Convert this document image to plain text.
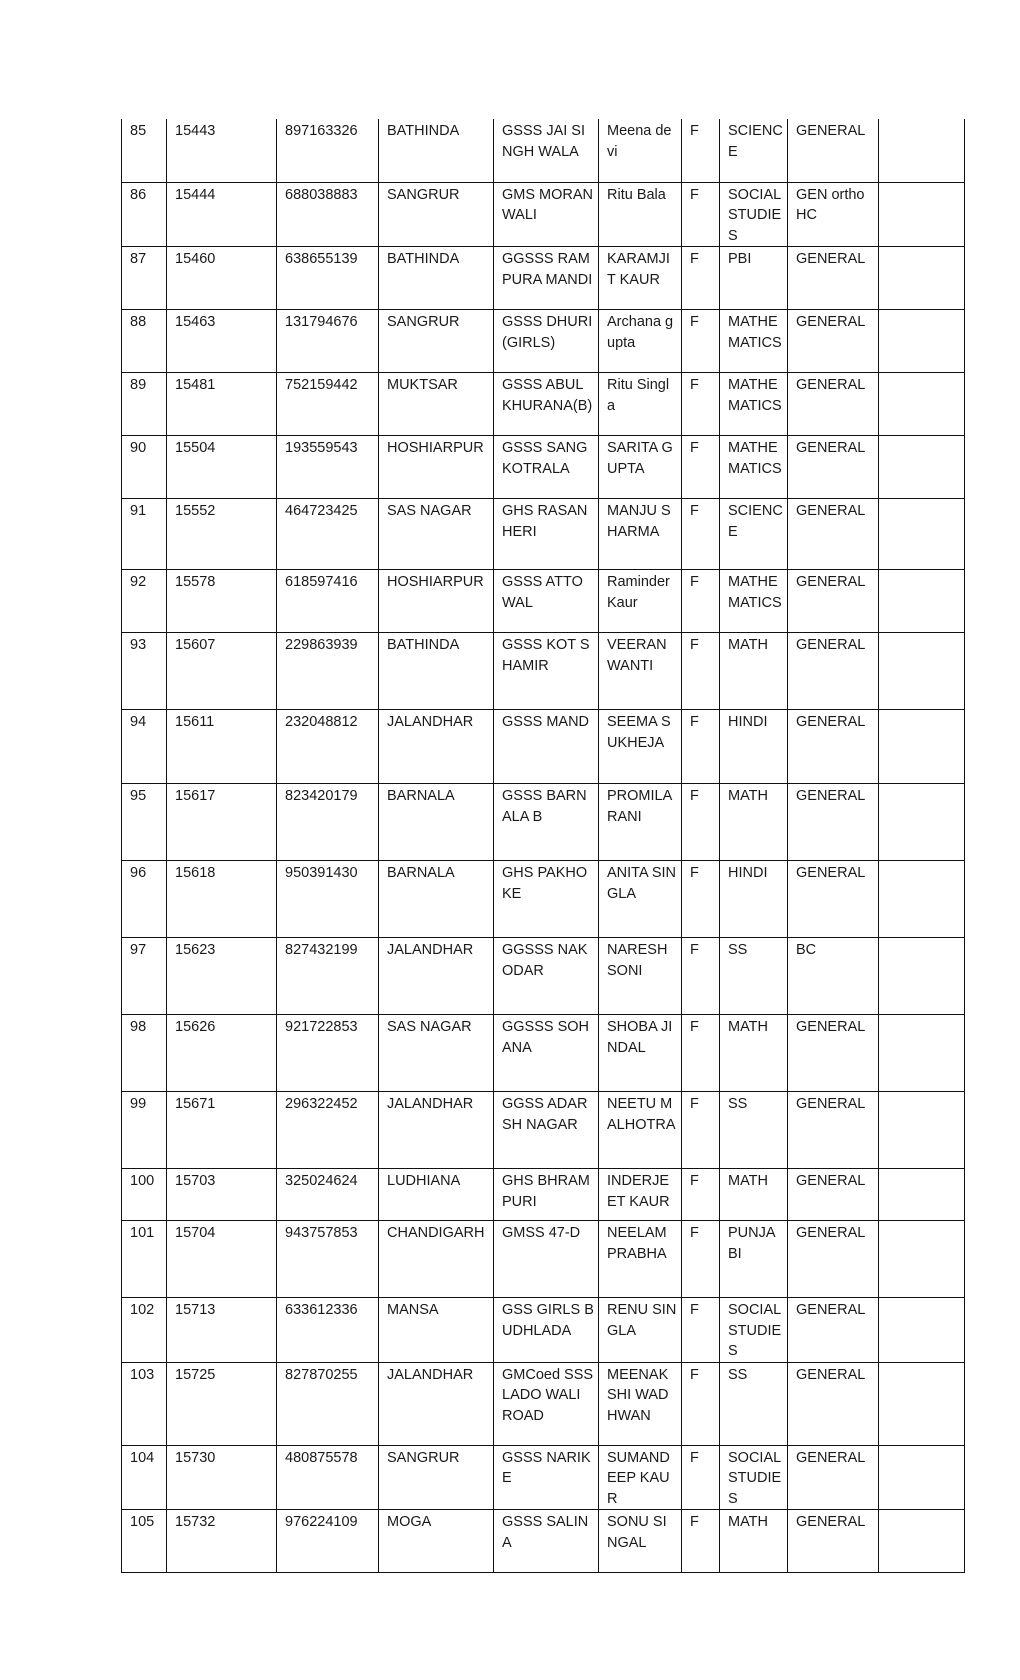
85	15443	897163326	BATHINDA	GSSS JAI SINGH WALA	Meena devi	F	SCIENCE	GENERAL	
86	15444	688038883	SANGRUR	GMS MORAN WALI	Ritu Bala	F	SOCIAL STUDIES	GEN ortho HC	
87	15460	638655139	BATHINDA	GGSSS RAMPURA MANDI	KARAMJIT KAUR	F	PBI	GENERAL	
88	15463	131794676	SANGRUR	GSSS DHURI (GIRLS)	Archana gupta	F	MATHEMATICS	GENERAL	
89	15481	752159442	MUKTSAR	GSSS ABUL KHURANA(B)	Ritu Singla	F	MATHEMATICS	GENERAL	
90	15504	193559543	HOSHIARPUR	GSSS SANGKOTRALA	SARITA GUPTA	F	MATHEMATICS	GENERAL	
91	15552	464723425	SAS NAGAR	GHS RASANHERI	MANJU SHARMA	F	SCIENCE	GENERAL	
92	15578	618597416	HOSHIARPUR	GSSS ATTOWAL	Raminder Kaur	F	MATHEMATICS	GENERAL	
93	15607	229863939	BATHINDA	GSSS KOT SHAMIR	VEERAN WANTI	F	MATH	GENERAL	
94	15611	232048812	JALANDHAR	GSSS MAND	SEEMA SUKHEJA	F	HINDI	GENERAL	
95	15617	823420179	BARNALA	GSSS BARNALA B	PROMILA RANI	F	MATH	GENERAL	
96	15618	950391430	BARNALA	GHS PAKHO KE	ANITA SINGLA	F	HINDI	GENERAL	
97	15623	827432199	JALANDHAR	GGSSS NAKODAR	NARESH SONI	F	SS	BC	
98	15626	921722853	SAS NAGAR	GGSSS SOHANA	SHOBA JINDAL	F	MATH	GENERAL	
99	15671	296322452	JALANDHAR	GGSS ADARSH NAGAR	NEETU MALHOTRA	F	SS	GENERAL	
100	15703	325024624	LUDHIANA	GHS BHRAMPURI	INDERJEET KAUR	F	MATH	GENERAL	
101	15704	943757853	CHANDIGARH	GMSS 47-D	NEELAM PRABHA	F	PUNJABI	GENERAL	
102	15713	633612336	MANSA	GSS GIRLS BUDHLADA	RENU SINGLA	F	SOCIAL STUDIES	GENERAL	
103	15725	827870255	JALANDHAR	GMCoed SSS LADO WALI ROAD	MEENAKSHI WADHWAN	F	SS	GENERAL	
104	15730	480875578	SANGRUR	GSSS NARIKE	SUMANDEEP KAUR	F	SOCIAL STUDIES	GENERAL	
105	15732	976224109	MOGA	GSSS SALINA	SONU SINGAL	F	MATH	GENERAL	
